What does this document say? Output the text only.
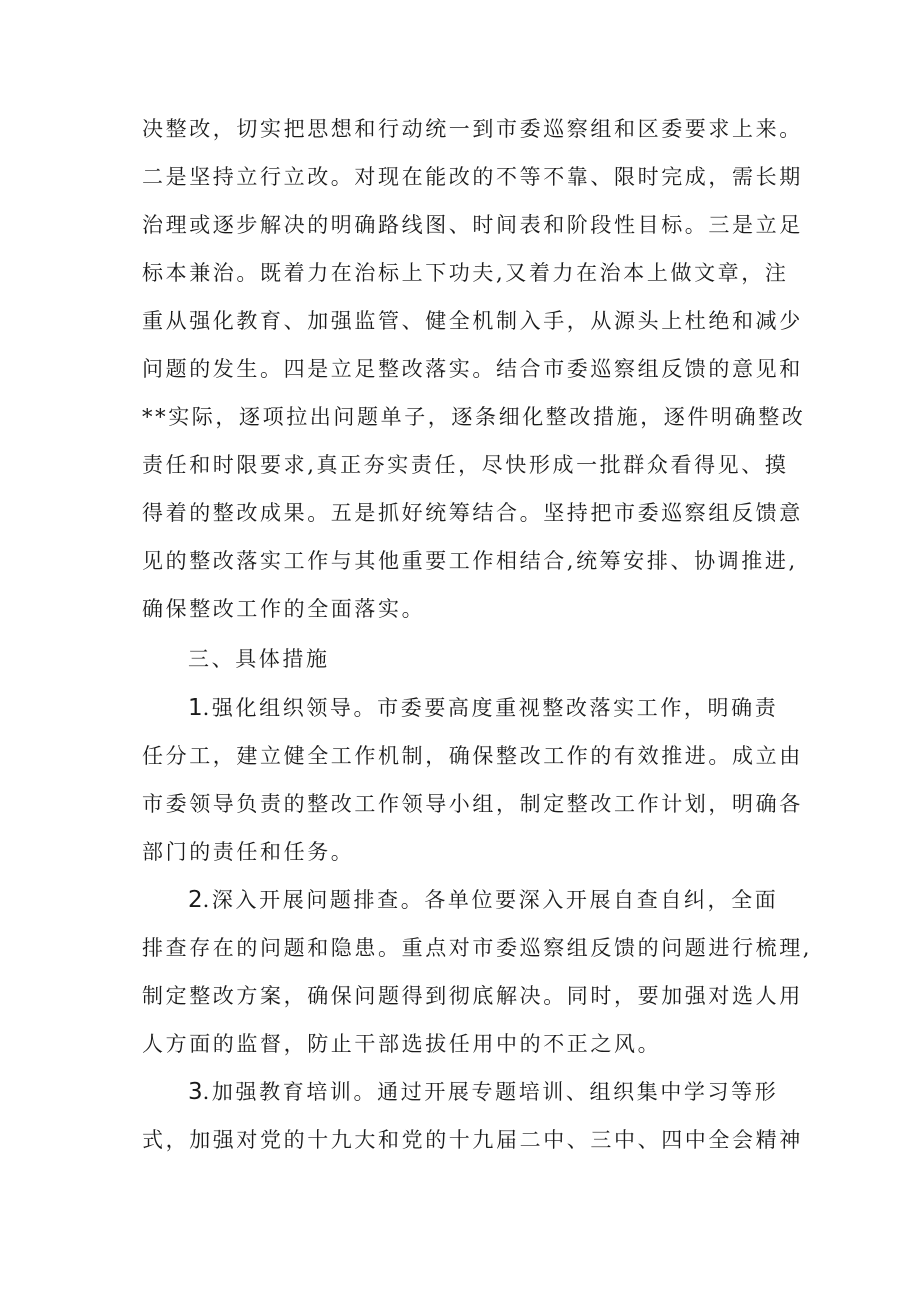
决整改，切实把思想和行动统一到市委巡察组和区委要求上来。
二是坚持立行立改。对现在能改的不等不靠、限时完成，需长期
治理或逐步解决的明确路线图、时间表和阶段性目标。三是立足
标本兼治。既着力在治标上下功夫,又着力在治本上做文章，注
重从强化教育、加强监管、健全机制入手，从源头上杜绝和减少
问题的发生。四是立足整改落实。结合市委巡察组反馈的意见和
**实际，逐项拉出问题单子，逐条细化整改措施，逐件明确整改
责任和时限要求,真正夯实责任，尽快形成一批群众看得见、摸
得着的整改成果。五是抓好统筹结合。坚持把市委巡察组反馈意
见的整改落实工作与其他重要工作相结合,统筹安排、协调推进,
确保整改工作的全面落实。
三、具体措施
1.强化组织领导。市委要高度重视整改落实工作，明确责
任分工，建立健全工作机制，确保整改工作的有效推进。成立由
市委领导负责的整改工作领导小组，制定整改工作计划，明确各
部门的责任和任务。
2.深入开展问题排查。各单位要深入开展自查自纠，全面
排查存在的问题和隐患。重点对市委巡察组反馈的问题进行梳理,
制定整改方案，确保问题得到彻底解决。同时，要加强对选人用
人方面的监督，防止干部选拔任用中的不正之风。
3.加强教育培训。通过开展专题培训、组织集中学习等形
式，加强对党的十九大和党的十九届二中、三中、四中全会精神
